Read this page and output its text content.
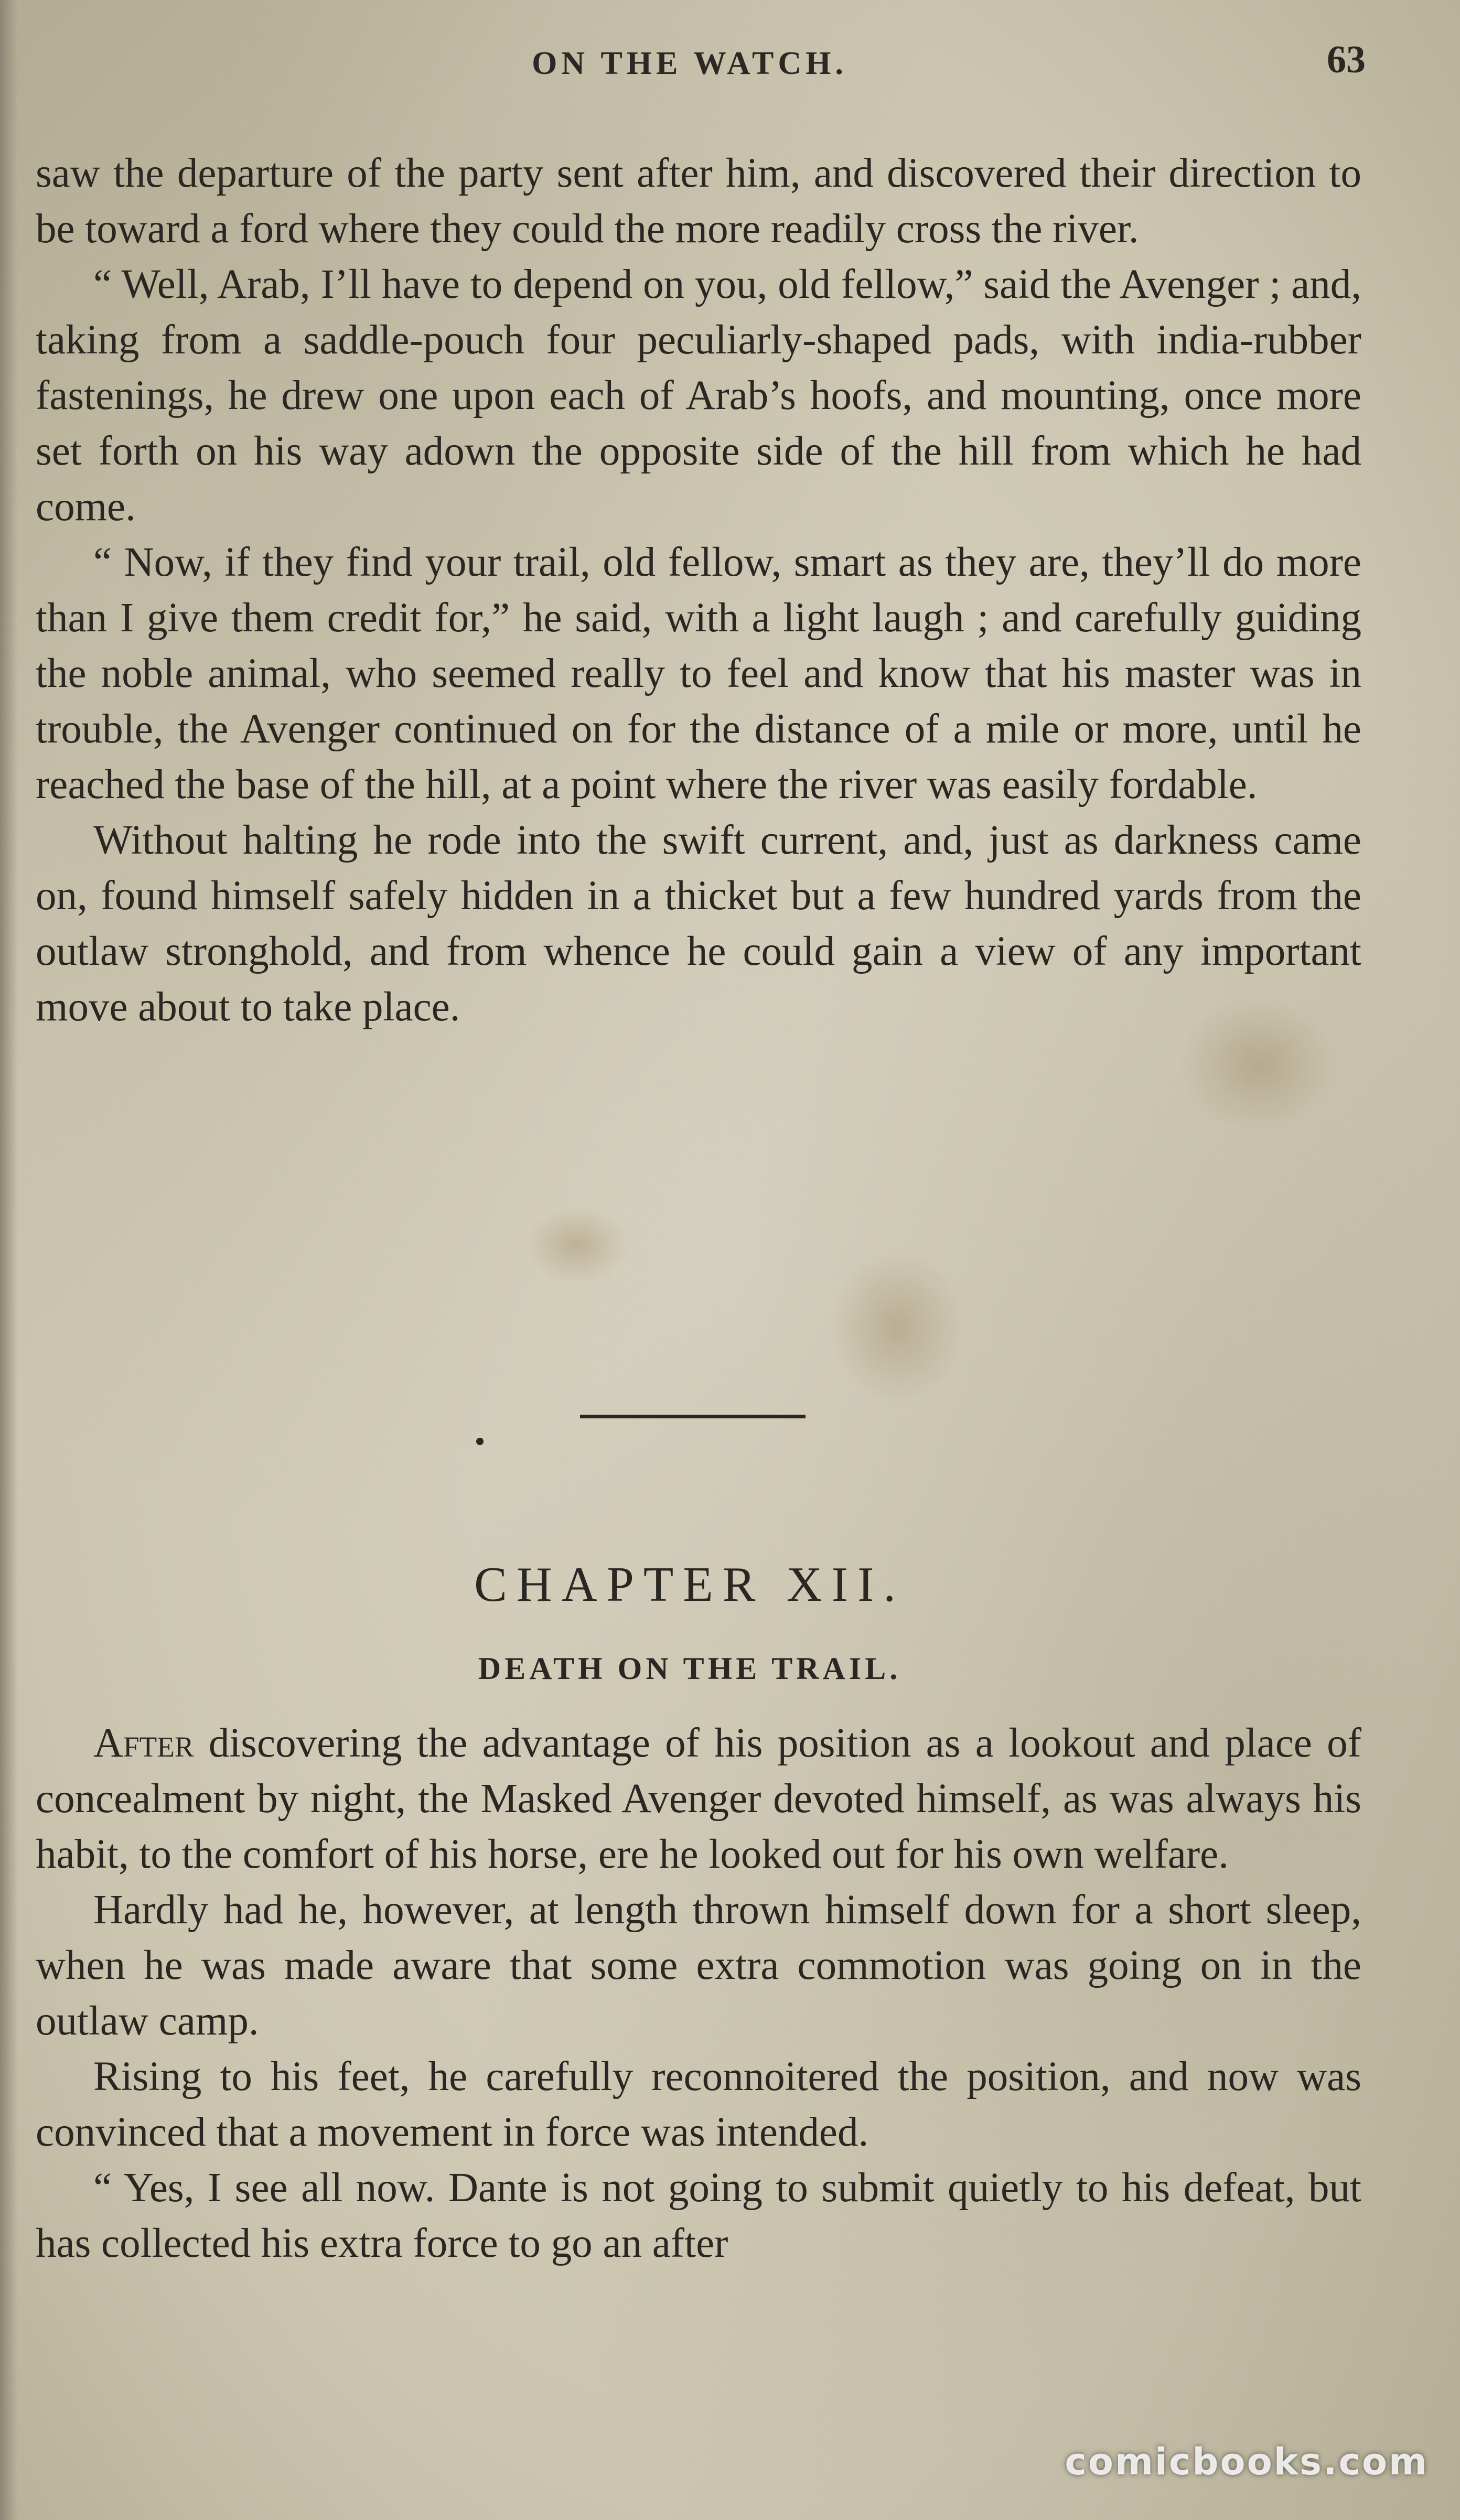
ON THE WATCH.	63

saw the departure of the party sent after him, and discovered their direction to be toward a ford where they could the more readily cross the river.

“ Well, Arab, I’ll have to depend on you, old fellow,” said the Avenger ; and, taking from a saddle-pouch four peculiarly-shaped pads, with india-rubber fastenings, he drew one upon each of Arab’s hoofs, and mounting, once more set forth on his way adown the opposite side of the hill from which he had come.

“ Now, if they find your trail, old fellow, smart as they are, they’ll do more than I give them credit for,” he said, with a light laugh ; and carefully guiding the noble animal, who seemed really to feel and know that his master was in trouble, the Avenger continued on for the distance of a mile or more, until he reached the base of the hill, at a point where the river was easily fordable.

Without halting he rode into the swift current, and, just as darkness came on, found himself safely hidden in a thicket but a few hundred yards from the outlaw stronghold, and from whence he could gain a view of any important move about to take place.

CHAPTER XII.
DEATH ON THE TRAIL.

After discovering the advantage of his position as a lookout and place of concealment by night, the Masked Avenger devoted himself, as was always his habit, to the comfort of his horse, ere he looked out for his own welfare.

Hardly had he, however, at length thrown himself down for a short sleep, when he was made aware that some extra commotion was going on in the outlaw camp.

Rising to his feet, he carefully reconnoitered the position, and now was convinced that a movement in force was intended.

“ Yes, I see all now. Dante is not going to submit quietly to his defeat, but has collected his extra force to go an after

comicbooks.com
